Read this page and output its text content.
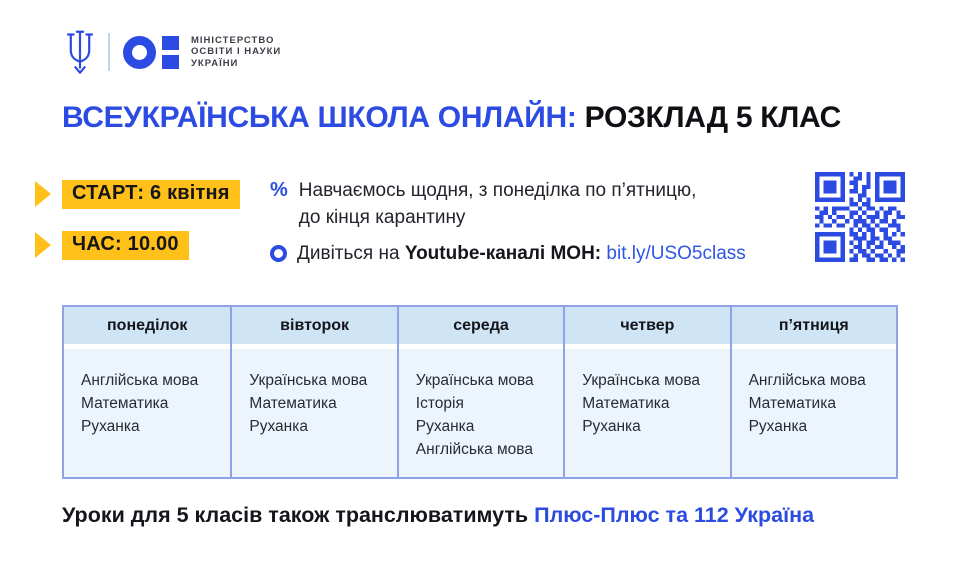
МІНІСТЕРСТВО
ОСВІТИ І НАУКИ
УКРАЇНИ
ВСЕУКРАЇНСЬКА ШКОЛА ОНЛАЙН: РОЗКЛАД 5 КЛАС
СТАРТ: 6 квітня
ЧАС: 10.00
% Навчаємось щодня, з понеділка по п’ятницю,
до кінця карантину
Дивіться на Youtube-каналі МОН: bit.ly/USO5class
понеділок
Англійська мова
Математика
Руханка
вівторок
Українська мова
Математика
Руханка
середа
Українська мова
Історія
Руханка
Англійська мова
четвер
Українська мова
Математика
Руханка
п’ятниця
Англійська мова
Математика
Руханка
Уроки для 5 класів також транслюватимуть Плюс-Плюс та 112 Україна
